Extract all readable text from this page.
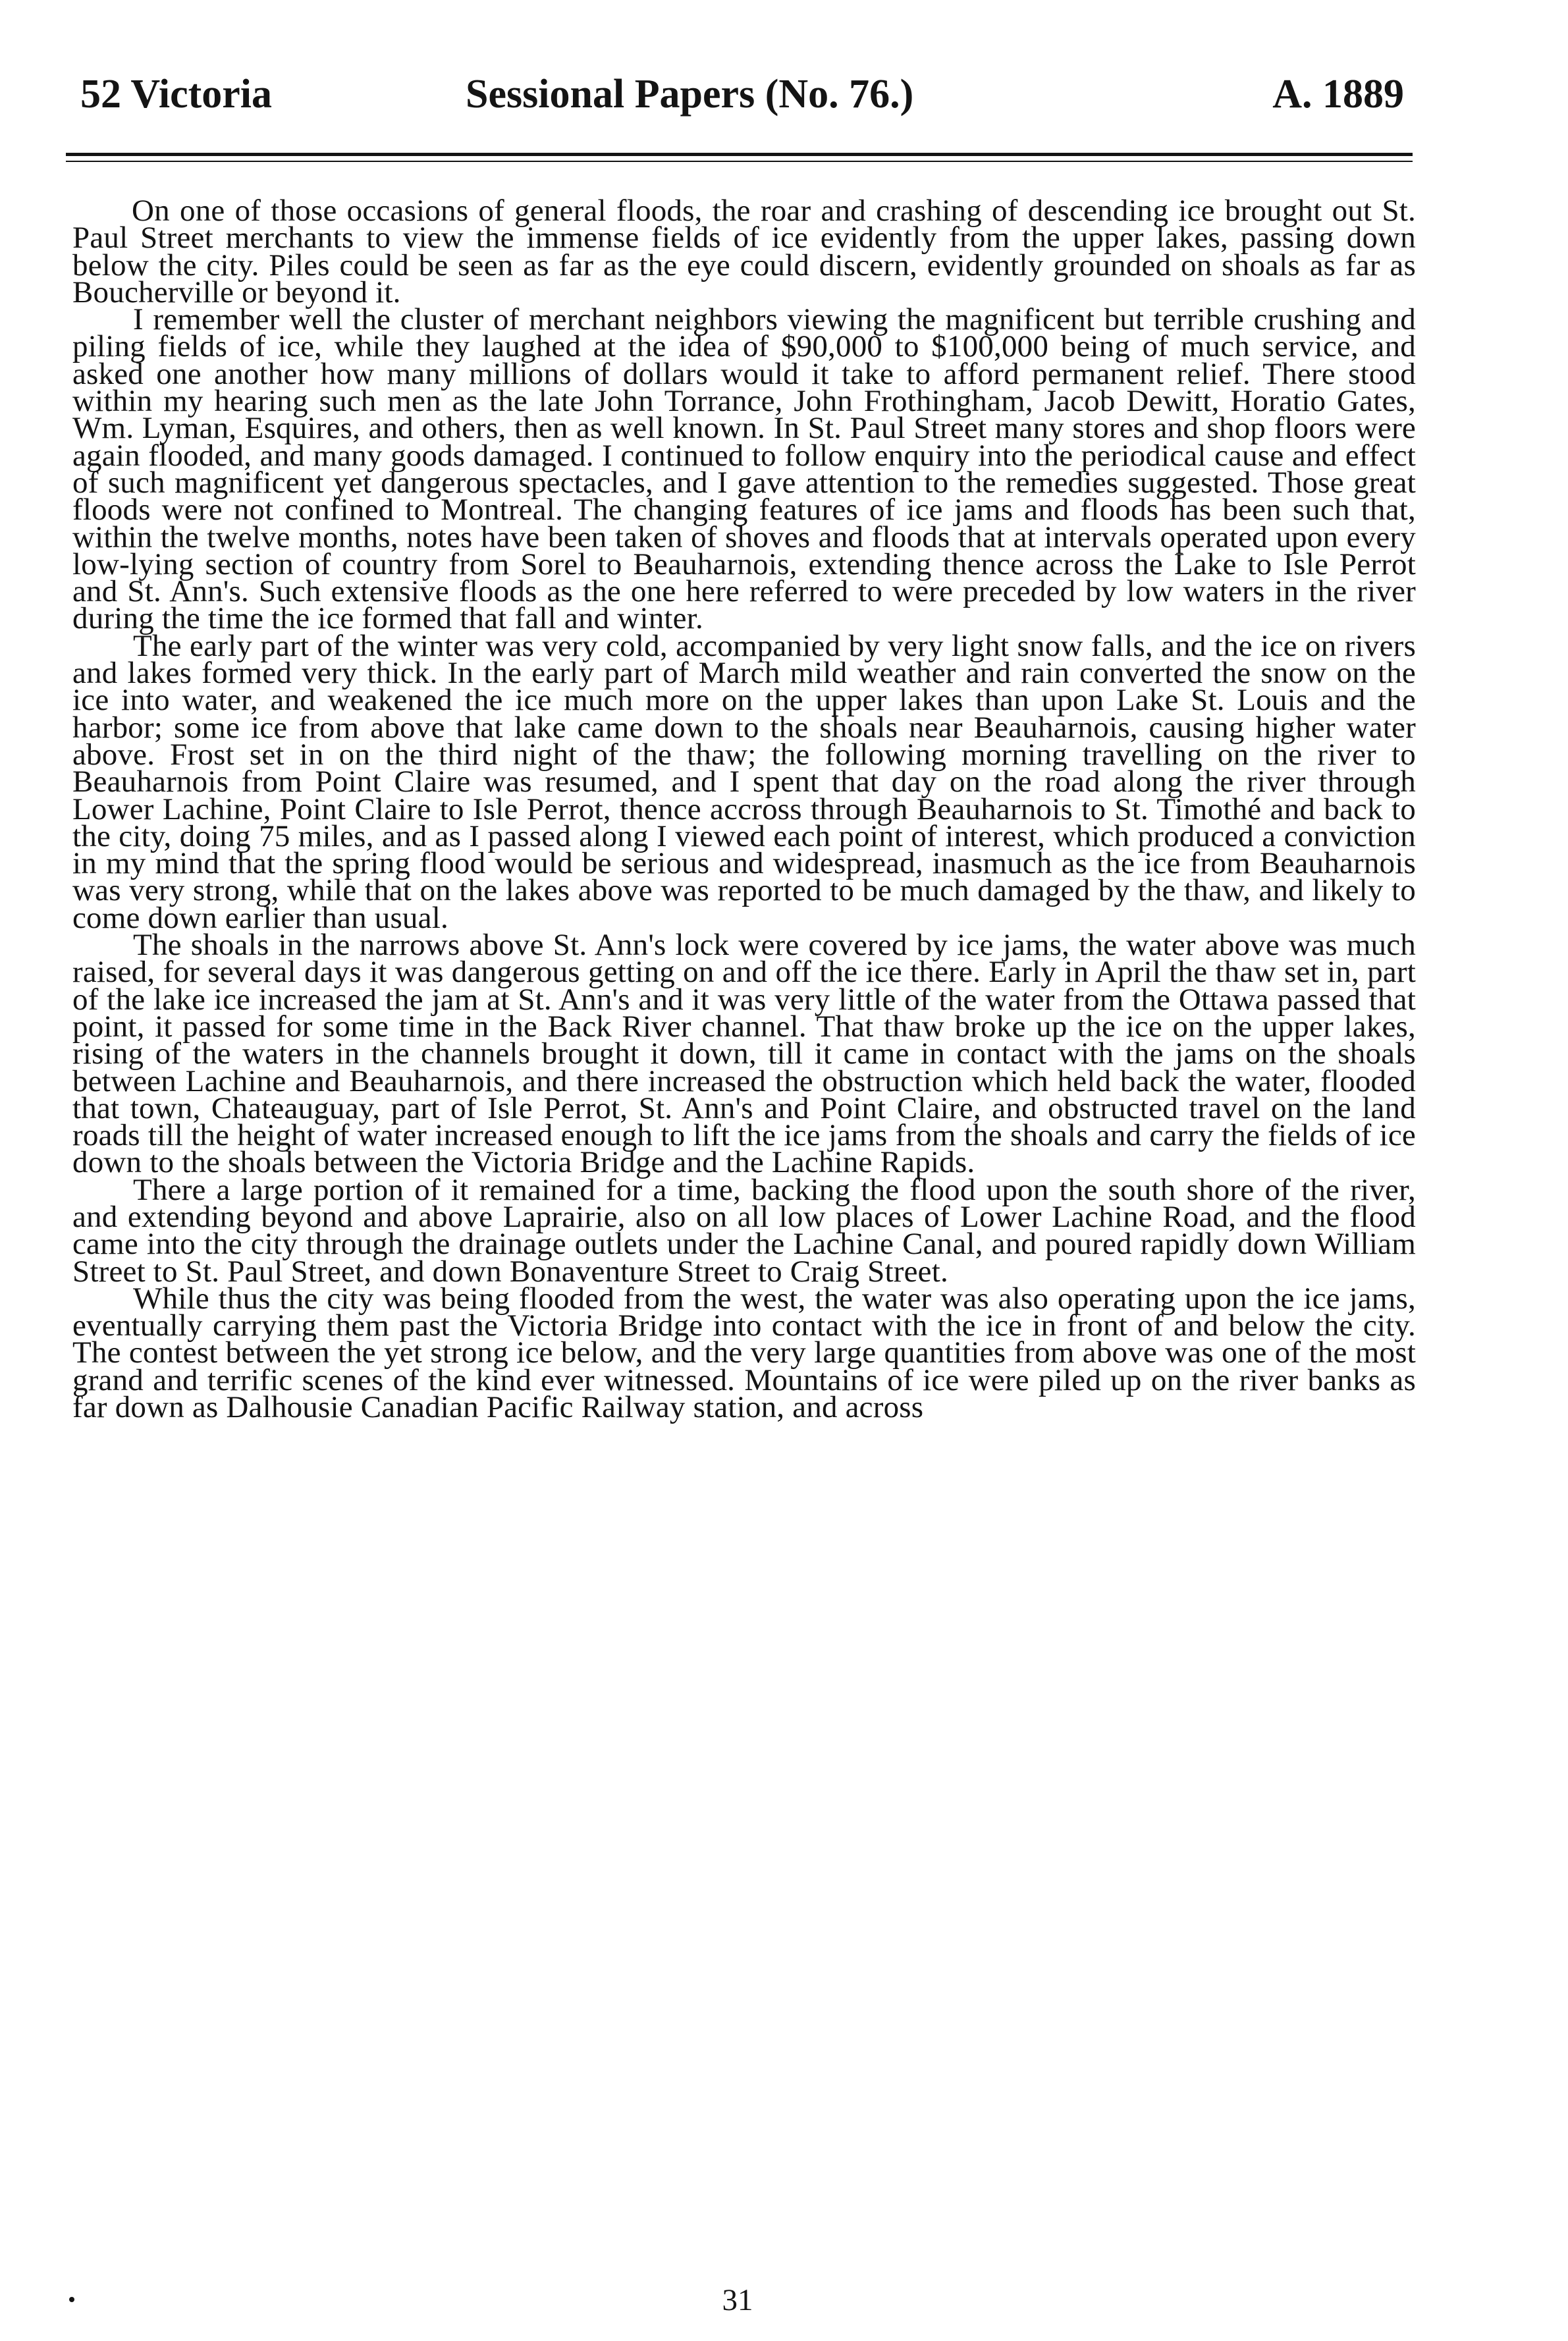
52 Victoria	Sessional Papers (No. 76.)	A. 1889

On one of those occasions of general floods, the roar and crashing of descending ice brought out St. Paul Street merchants to view the immense fields of ice evidently from the upper lakes, passing down below the city. Piles could be seen as far as the eye could discern, evidently grounded on shoals as far as Boucherville or beyond it.

I remember well the cluster of merchant neighbors viewing the magnificent but terrible crushing and piling fields of ice, while they laughed at the idea of $90,000 to $100,000 being of much service, and asked one another how many millions of dollars would it take to afford permanent relief. There stood within my hearing such men as the late John Torrance, John Frothingham, Jacob Dewitt, Horatio Gates, Wm. Lyman, Esquires, and others, then as well known. In St. Paul Street many stores and shop floors were again flooded, and many goods damaged. I continued to follow enquiry into the periodical cause and effect of such magnificent yet dangerous spectacles, and I gave attention to the remedies suggested. Those great floods were not confined to Montreal. The changing features of ice jams and floods has been such that, within the twelve months, notes have been taken of shoves and floods that at intervals operated upon every low-lying section of country from Sorel to Beauharnois, extending thence across the Lake to Isle Perrot and St. Ann's. Such extensive floods as the one here referred to were preceded by low waters in the river during the time the ice formed that fall and winter.

The early part of the winter was very cold, accompanied by very light snow falls, and the ice on rivers and lakes formed very thick. In the early part of March mild weather and rain converted the snow on the ice into water, and weakened the ice much more on the upper lakes than upon Lake St. Louis and the harbor; some ice from above that lake came down to the shoals near Beauharnois, causing higher water above. Frost set in on the third night of the thaw; the following morning travelling on the river to Beauharnois from Point Claire was resumed, and I spent that day on the road along the river through Lower Lachine, Point Claire to Isle Perrot, thence accross through Beauharnois to St. Timothé and back to the city, doing 75 miles, and as I passed along I viewed each point of interest, which produced a conviction in my mind that the spring flood would be serious and widespread, inasmuch as the ice from Beauharnois was very strong, while that on the lakes above was reported to be much damaged by the thaw, and likely to come down earlier than usual.

The shoals in the narrows above St. Ann's lock were covered by ice jams, the water above was much raised, for several days it was dangerous getting on and off the ice there. Early in April the thaw set in, part of the lake ice increased the jam at St. Ann's and it was very little of the water from the Ottawa passed that point, it passed for some time in the Back River channel. That thaw broke up the ice on the upper lakes, rising of the waters in the channels brought it down, till it came in contact with the jams on the shoals between Lachine and Beauharnois, and there increased the obstruction which held back the water, flooded that town, Chateauguay, part of Isle Perrot, St. Ann's and Point Claire, and obstructed travel on the land roads till the height of water increased enough to lift the ice jams from the shoals and carry the fields of ice down to the shoals between the Victoria Bridge and the Lachine Rapids.

There a large portion of it remained for a time, backing the flood upon the south shore of the river, and extending beyond and above Laprairie, also on all low places of Lower Lachine Road, and the flood came into the city through the drainage outlets under the Lachine Canal, and poured rapidly down William Street to St. Paul Street, and down Bonaventure Street to Craig Street.

While thus the city was being flooded from the west, the water was also operating upon the ice jams, eventually carrying them past the Victoria Bridge into contact with the ice in front of and below the city. The contest between the yet strong ice below, and the very large quantities from above was one of the most grand and terrific scenes of the kind ever witnessed. Mountains of ice were piled up on the river banks as far down as Dalhousie Canadian Pacific Railway station, and across

31
